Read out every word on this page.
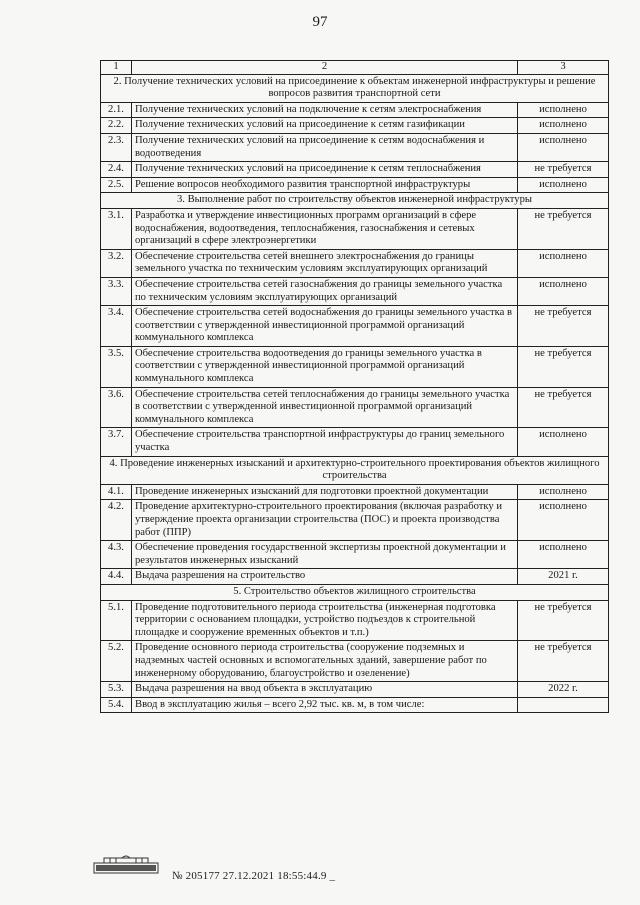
97
1	2	3
2. Получение технических условий на присоединение к объектам инженерной инфраструктуры и решение вопросов развития транспортной сети		
2.1.	Получение технических условий на подключение к сетям электроснабжения	исполнено
2.2.	Получение технических условий на присоединение к сетям газификации	исполнено
2.3.	Получение технических условий на присоединение к сетям водоснабжения и водоотведения	исполнено
2.4.	Получение технических условий на присоединение к сетям теплоснабжения	не требуется
2.5.	Решение вопросов необходимого развития транспортной инфраструктуры	исполнено
3. Выполнение работ по строительству объектов инженерной инфраструктуры		
3.1.	Разработка и утверждение инвестиционных программ организаций в сфере водоснабжения, водоотведения, теплоснабжения, газоснабжения и сетевых организаций в сфере электроэнергетики	не требуется
3.2.	Обеспечение строительства сетей внешнего электроснабжения до границы земельного участка по техническим условиям эксплуатирующих организаций	исполнено
3.3.	Обеспечение строительства сетей газоснабжения до границы земельного участка по техническим условиям эксплуатирующих организаций	исполнено
3.4.	Обеспечение строительства сетей водоснабжения до границы земельного участка в соответствии с утвержденной инвестиционной программой организаций коммунального комплекса	не требуется
3.5.	Обеспечение строительства водоотведения до границы земельного участка в соответствии с утвержденной инвестиционной программой организаций коммунального комплекса	не требуется
3.6.	Обеспечение строительства сетей теплоснабжения до границы земельного участка в соответствии с утвержденной инвестиционной программой организаций коммунального комплекса	не требуется
3.7.	Обеспечение строительства транспортной инфраструктуры до границ земельного участка	исполнено
4. Проведение инженерных изысканий и архитектурно-строительного проектирования объектов жилищного строительства		
4.1.	Проведение инженерных изысканий для подготовки проектной документации	исполнено
4.2.	Проведение архитектурно-строительного проектирования (включая разработку и утверждение проекта организации строительства (ПОС) и проекта производства работ (ППР)	исполнено
4.3.	Обеспечение проведения государственной экспертизы проектной документации и результатов инженерных изысканий	исполнено
4.4.	Выдача разрешения на строительство	2021 г.
5. Строительство объектов жилищного строительства		
5.1.	Проведение подготовительного периода строительства (инженерная подготовка территории с основанием площадки, устройство подъездов к строительной площадке и сооружение временных объектов и т.п.)	не требуется
5.2.	Проведение основного периода строительства (сооружение подземных и надземных частей основных и вспомогательных зданий, завершение работ по инженерному оборудованию, благоустройство и озеленение)	не требуется
5.3.	Выдача разрешения на ввод объекта в эксплуатацию	2022 г.
5.4.	Ввод в эксплуатацию жилья – всего 2,92 тыс. кв. м, в том числе:	
№ 205177 27.12.2021 18:55:44.9 _
